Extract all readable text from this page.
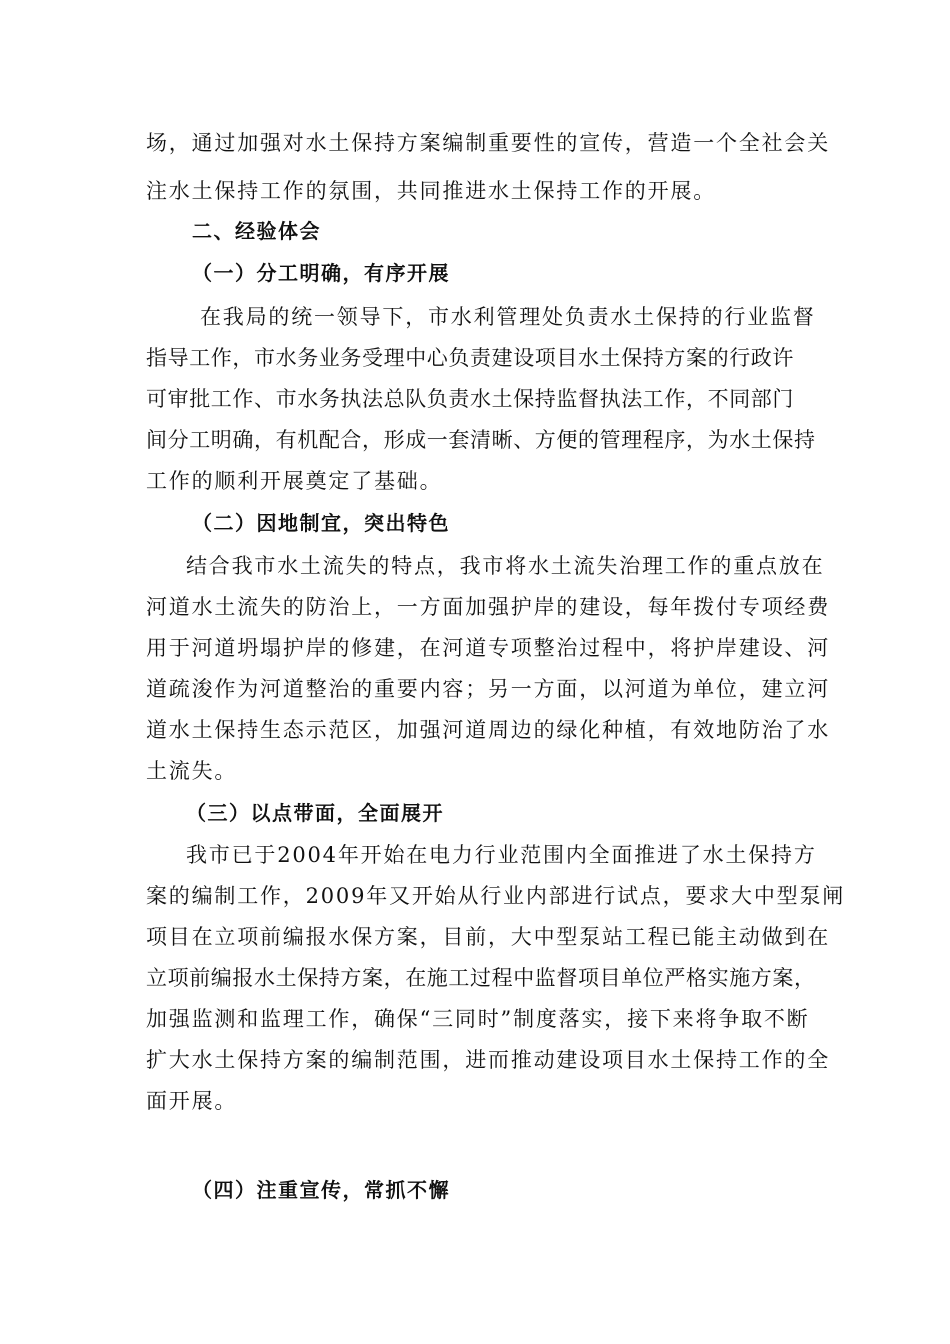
场，通过加强对水土保持方案编制重要性的宣传，营造一个全社会关
注水土保持工作的氛围，共同推进水土保持工作的开展。
二、经验体会
（一）分工明确，有序开展
在我局的统一领导下，市水利管理处负责水土保持的行业监督
指导工作，市水务业务受理中心负责建设项目水土保持方案的行政许
可审批工作、市水务执法总队负责水土保持监督执法工作，不同部门
间分工明确，有机配合，形成一套清晰、方便的管理程序，为水土保持
工作的顺利开展奠定了基础。
（二）因地制宜，突出特色
结合我市水土流失的特点，我市将水土流失治理工作的重点放在
河道水土流失的防治上，一方面加强护岸的建设，每年拨付专项经费
用于河道坍塌护岸的修建，在河道专项整治过程中，将护岸建设、河
道疏浚作为河道整治的重要内容；另一方面，以河道为单位，建立河
道水土保持生态示范区，加强河道周边的绿化种植，有效地防治了水
土流失。
（三）以点带面，全面展开
我市已于2004年开始在电力行业范围内全面推进了水土保持方
案的编制工作，2009年又开始从行业内部进行试点，要求大中型泵闸
项目在立项前编报水保方案，目前，大中型泵站工程已能主动做到在
立项前编报水土保持方案，在施工过程中监督项目单位严格实施方案，
加强监测和监理工作，确保“三同时”制度落实，接下来将争取不断
扩大水土保持方案的编制范围，进而推动建设项目水土保持工作的全
面开展。
（四）注重宣传，常抓不懈
